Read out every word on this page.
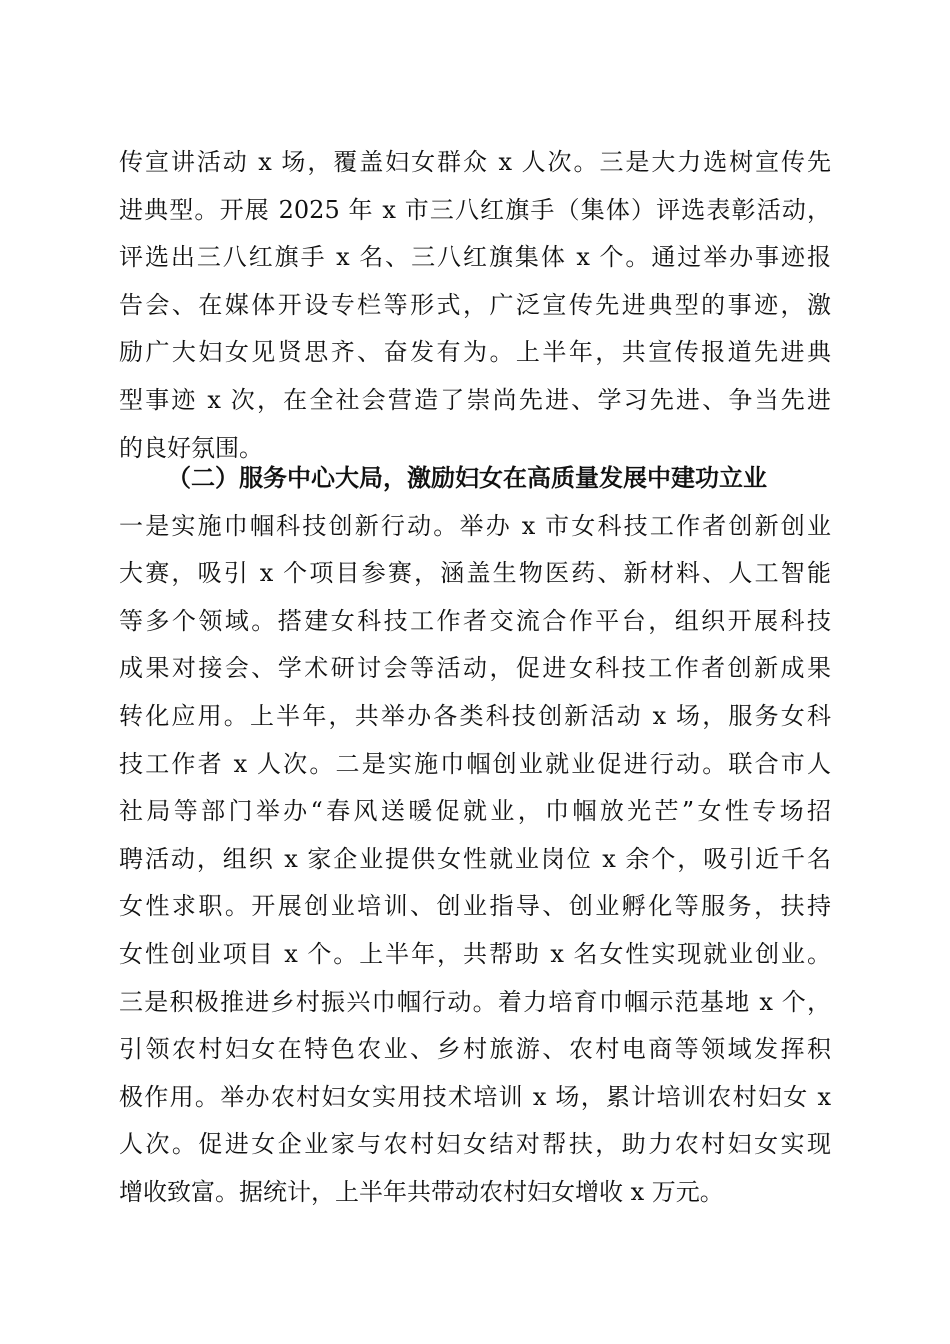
传宣讲活动 x 场，覆盖妇女群众 x 人次。三是大力选树宣传先
进典型。开展 2025 年 x 市三八红旗手（集体）评选表彰活动，
评选出三八红旗手 x 名、三八红旗集体 x 个。通过举办事迹报
告会、在媒体开设专栏等形式，广泛宣传先进典型的事迹，激
励广大妇女见贤思齐、奋发有为。上半年，共宣传报道先进典
型事迹 x 次，在全社会营造了崇尚先进、学习先进、争当先进
的良好氛围。
（二）服务中心大局，激励妇女在高质量发展中建功立业
一是实施巾帼科技创新行动。举办 x 市女科技工作者创新创业
大赛，吸引 x 个项目参赛，涵盖生物医药、新材料、人工智能
等多个领域。搭建女科技工作者交流合作平台，组织开展科技
成果对接会、学术研讨会等活动，促进女科技工作者创新成果
转化应用。上半年，共举办各类科技创新活动 x 场，服务女科
技工作者 x 人次。二是实施巾帼创业就业促进行动。联合市人
社局等部门举办“春风送暖促就业，巾帼放光芒”女性专场招
聘活动，组织 x 家企业提供女性就业岗位 x 余个，吸引近千名
女性求职。开展创业培训、创业指导、创业孵化等服务，扶持
女性创业项目 x 个。上半年，共帮助 x 名女性实现就业创业。
三是积极推进乡村振兴巾帼行动。着力培育巾帼示范基地 x 个，
引领农村妇女在特色农业、乡村旅游、农村电商等领域发挥积
极作用。举办农村妇女实用技术培训 x 场，累计培训农村妇女 x
人次。促进女企业家与农村妇女结对帮扶，助力农村妇女实现
增收致富。据统计，上半年共带动农村妇女增收 x 万元。
